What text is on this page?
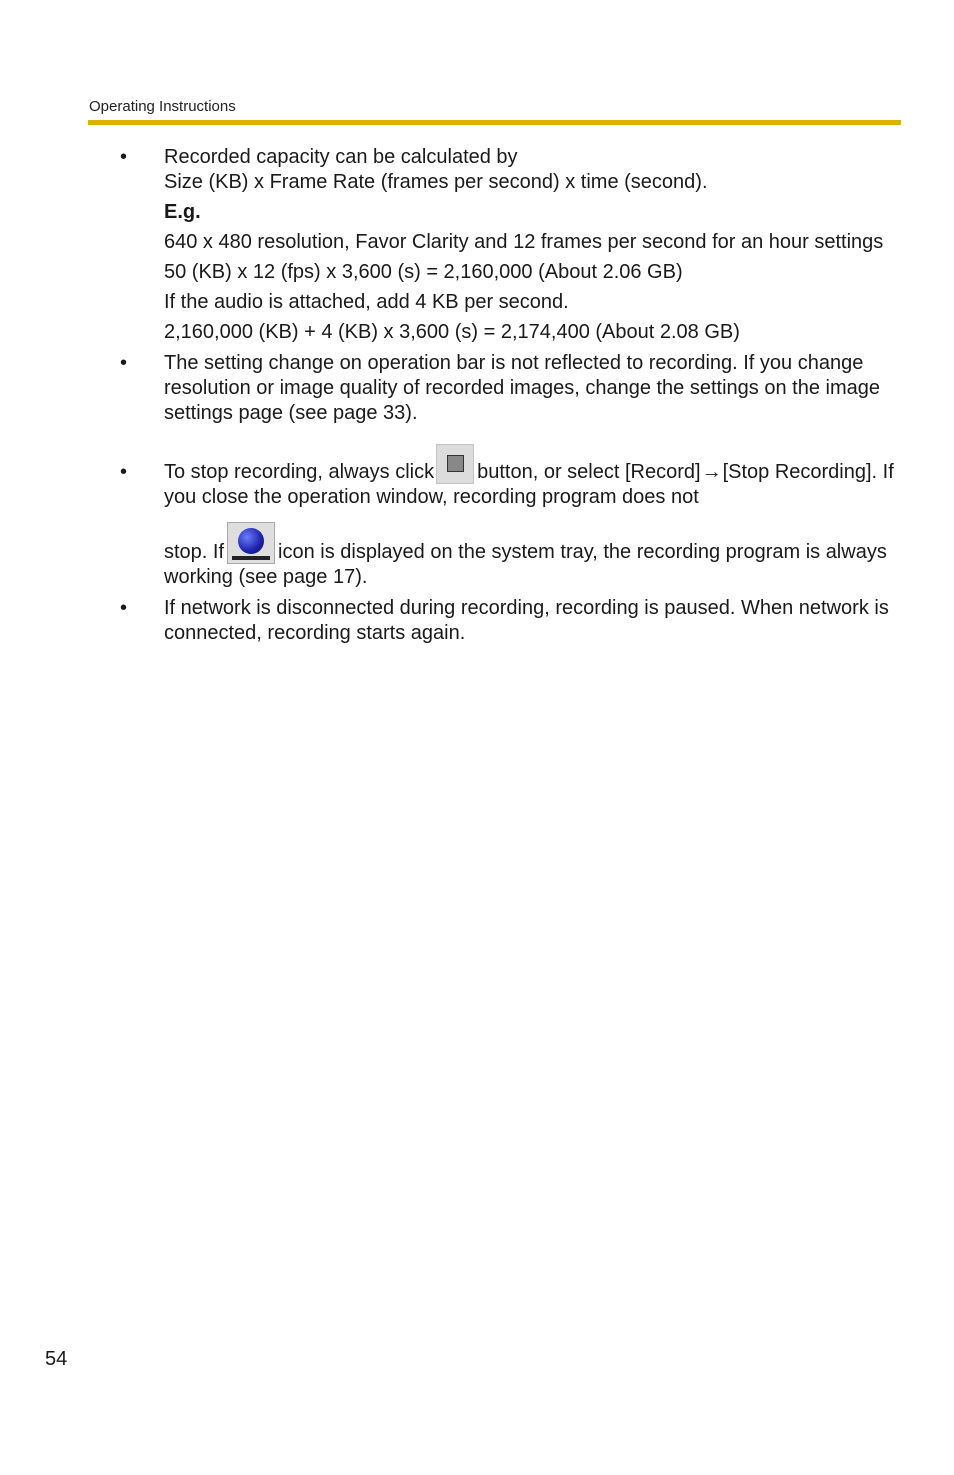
Operating Instructions
• Recorded capacity can be calculated by

Size (KB) x Frame Rate (frames per second) x time (second).

E.g.

640 x 480 resolution, Favor Clarity and 12 frames per second for an hour settings

50 (KB) x 12 (fps) x 3,600 (s) = 2,160,000 (About 2.06 GB)

If the audio is attached, add 4 KB per second.

2,160,000 (KB) + 4 (KB) x 3,600 (s) = 2,174,400 (About 2.08 GB)

• The setting change on operation bar is not reflected to recording. If you change resolution or image quality of recorded images, change the settings on the image settings page (see page 33).

• To stop recording, always click button, or select [Record]→[Stop Recording]. If you close the operation window, recording program does not

stop. If	icon is displayed on the system tray, the recording program is always working (see page 17).

• If network is disconnected during recording, recording is paused. When network is connected, recording starts again.

54
